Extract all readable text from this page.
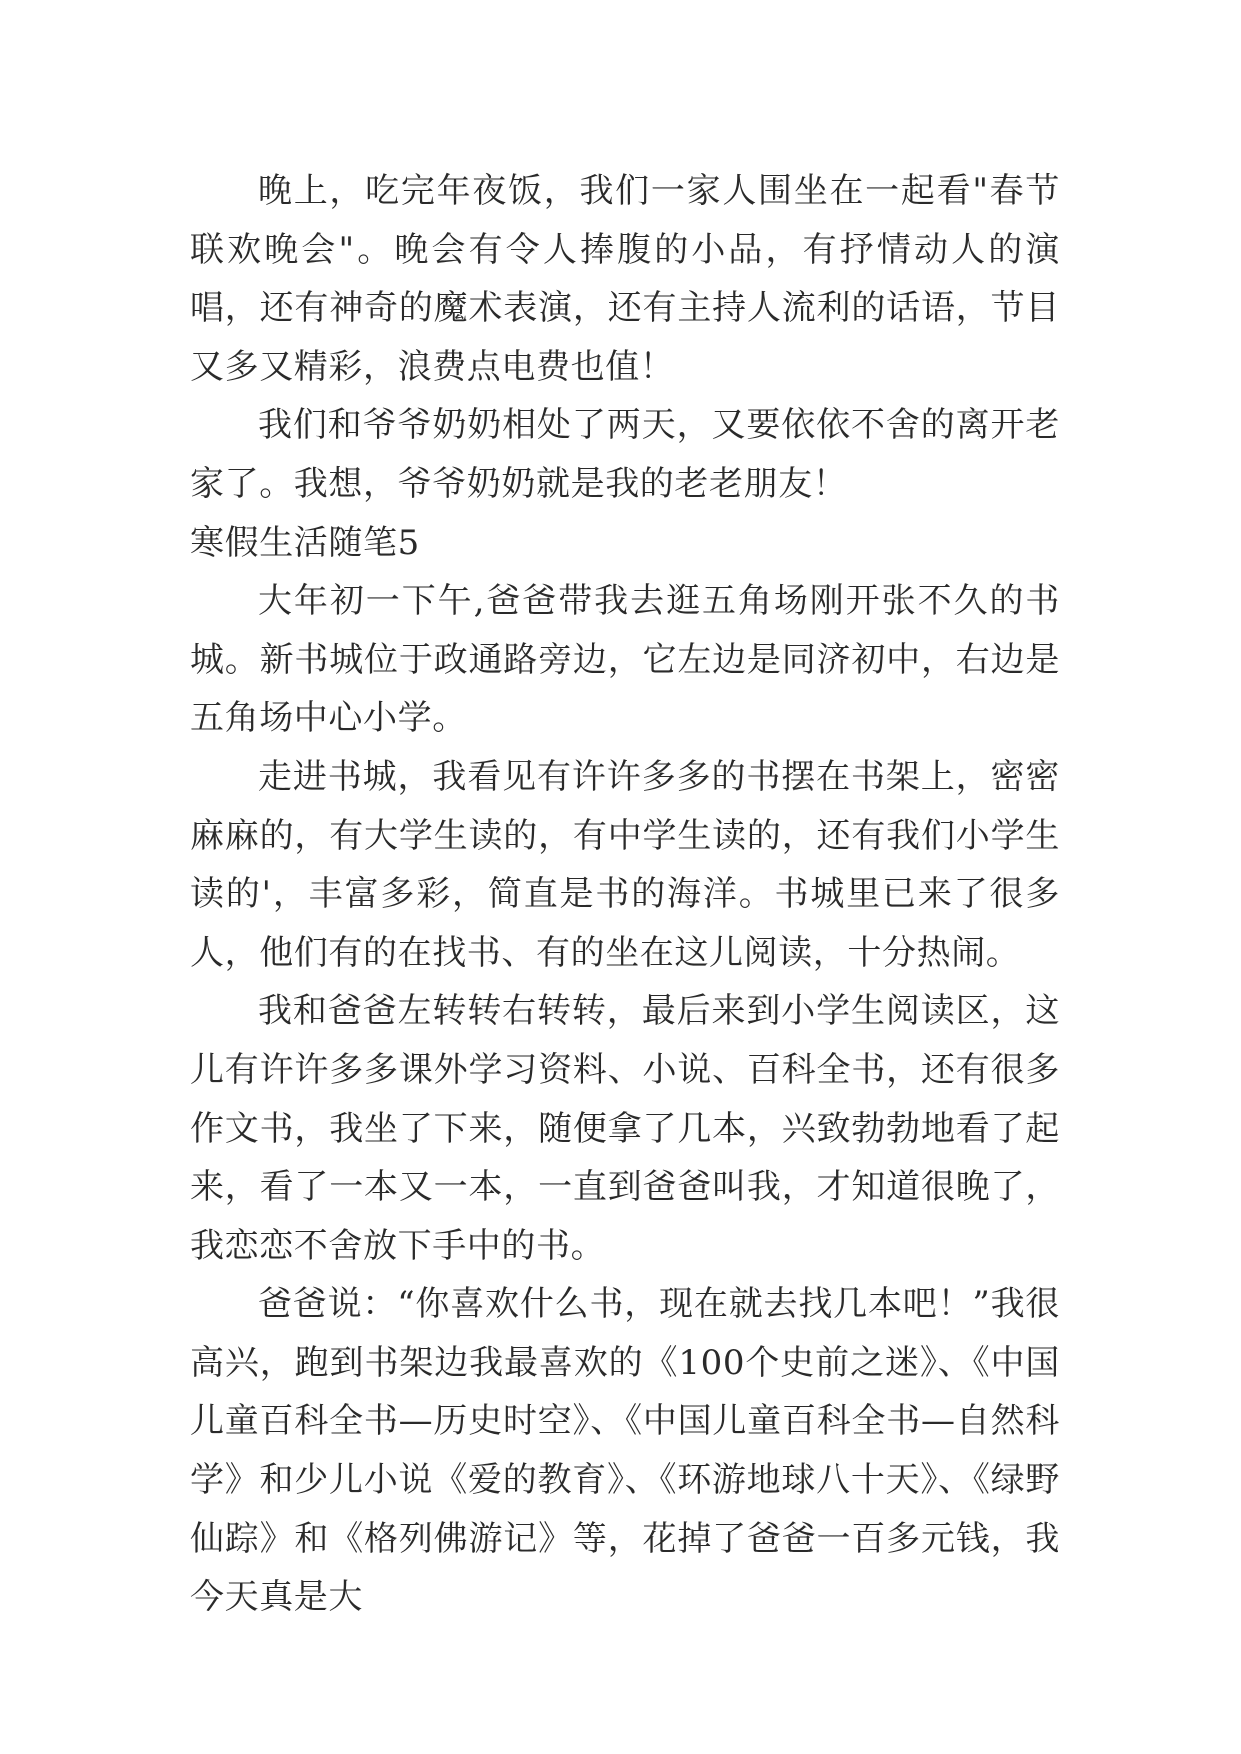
晚上，吃完年夜饭，我们一家人围坐在一起看"春节联欢晚会"。晚会有令人捧腹的小品，有抒情动人的演唱，还有神奇的魔术表演，还有主持人流利的话语，节目又多又精彩，浪费点电费也值！

我们和爷爷奶奶相处了两天，又要依依不舍的离开老家了。我想，爷爷奶奶就是我的老老朋友！

寒假生活随笔5

大年初一下午,爸爸带我去逛五角场刚开张不久的书城。新书城位于政通路旁边，它左边是同济初中，右边是五角场中心小学。

走进书城，我看见有许许多多的书摆在书架上，密密麻麻的，有大学生读的，有中学生读的，还有我们小学生读的'，丰富多彩，简直是书的海洋。书城里已来了很多人，他们有的在找书、有的坐在这儿阅读，十分热闹。

我和爸爸左转转右转转，最后来到小学生阅读区，这儿有许许多多课外学习资料、小说、百科全书，还有很多作文书，我坐了下来，随便拿了几本，兴致勃勃地看了起来，看了一本又一本，一直到爸爸叫我，才知道很晚了，我恋恋不舍放下手中的书。

爸爸说：“你喜欢什么书，现在就去找几本吧！”我很高兴，跑到书架边我最喜欢的《100个史前之迷》、《中国儿童百科全书—历史时空》、《中国儿童百科全书—自然科学》和少儿小说《爱的教育》、《环游地球八十天》、《绿野仙踪》和《格列佛游记》等，花掉了爸爸一百多元钱，我今天真是大
